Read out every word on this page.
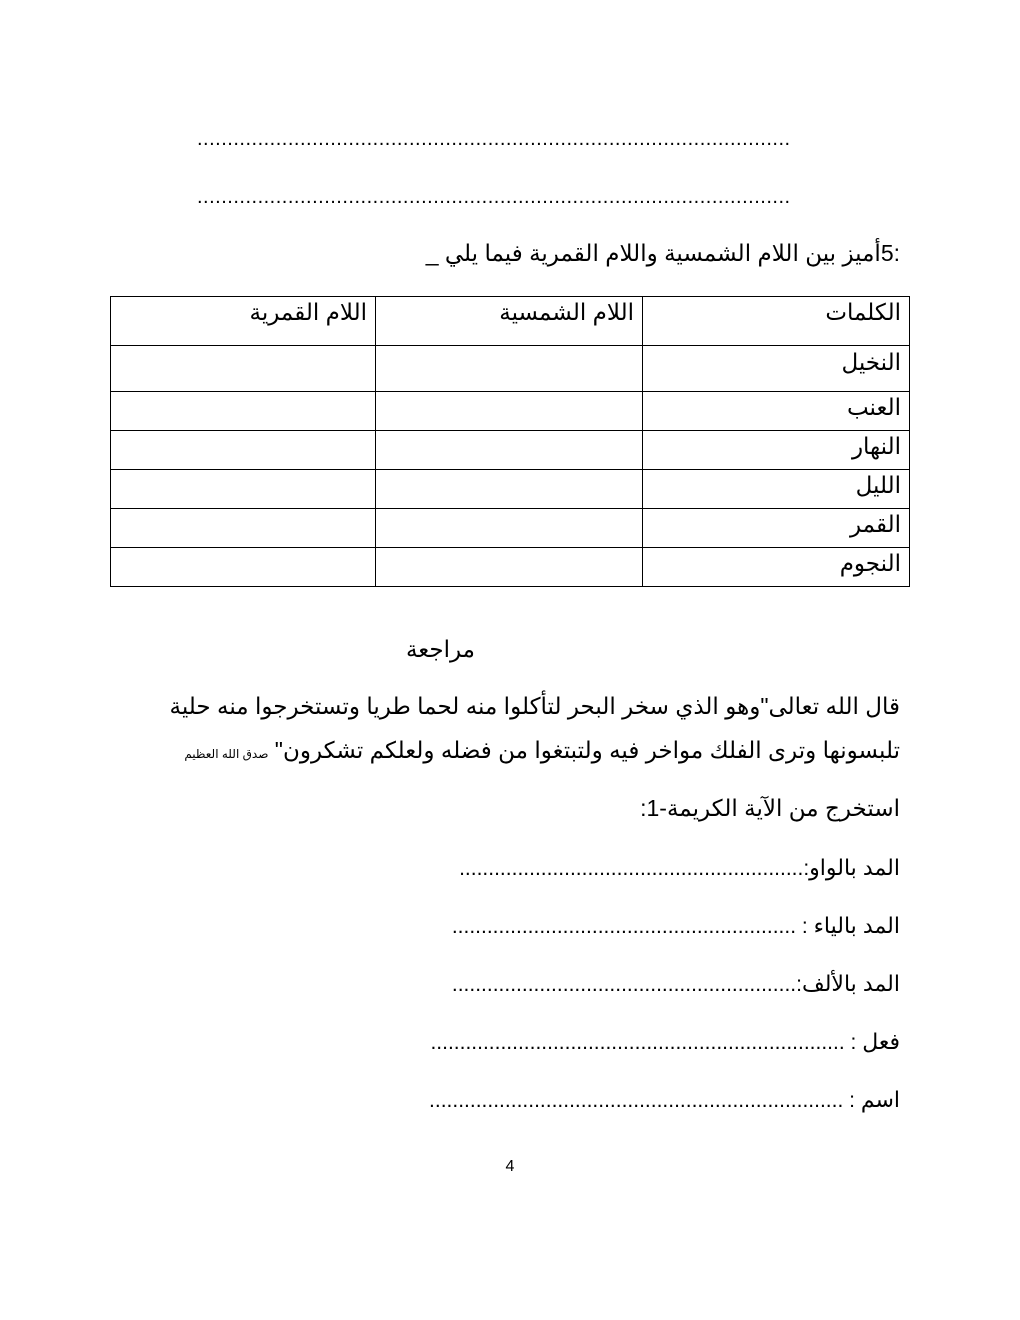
..................................................................................................
..................................................................................................
:5أميز بين اللام الشمسية واللام القمرية فيما يلي _
الكلمات	اللام الشمسية	اللام القمرية
النخيل		
العنب		
النهار		
الليل		
القمر		
النجوم		
مراجعة
قال الله تعالى"وهو الذي سخر البحر لتأكلوا منه لحما طريا وتستخرجوا منه حلية
تلبسونها وترى الفلك مواخر فيه ولتبتغوا من فضله ولعلكم تشكرون" صدق الله العظيم
استخرج من الآية الكريمة-1:
المد بالواو:...........................................................
المد بالياء : ...........................................................
المد بالألف:...........................................................
فعل : .......................................................................
اسم : .......................................................................
4
